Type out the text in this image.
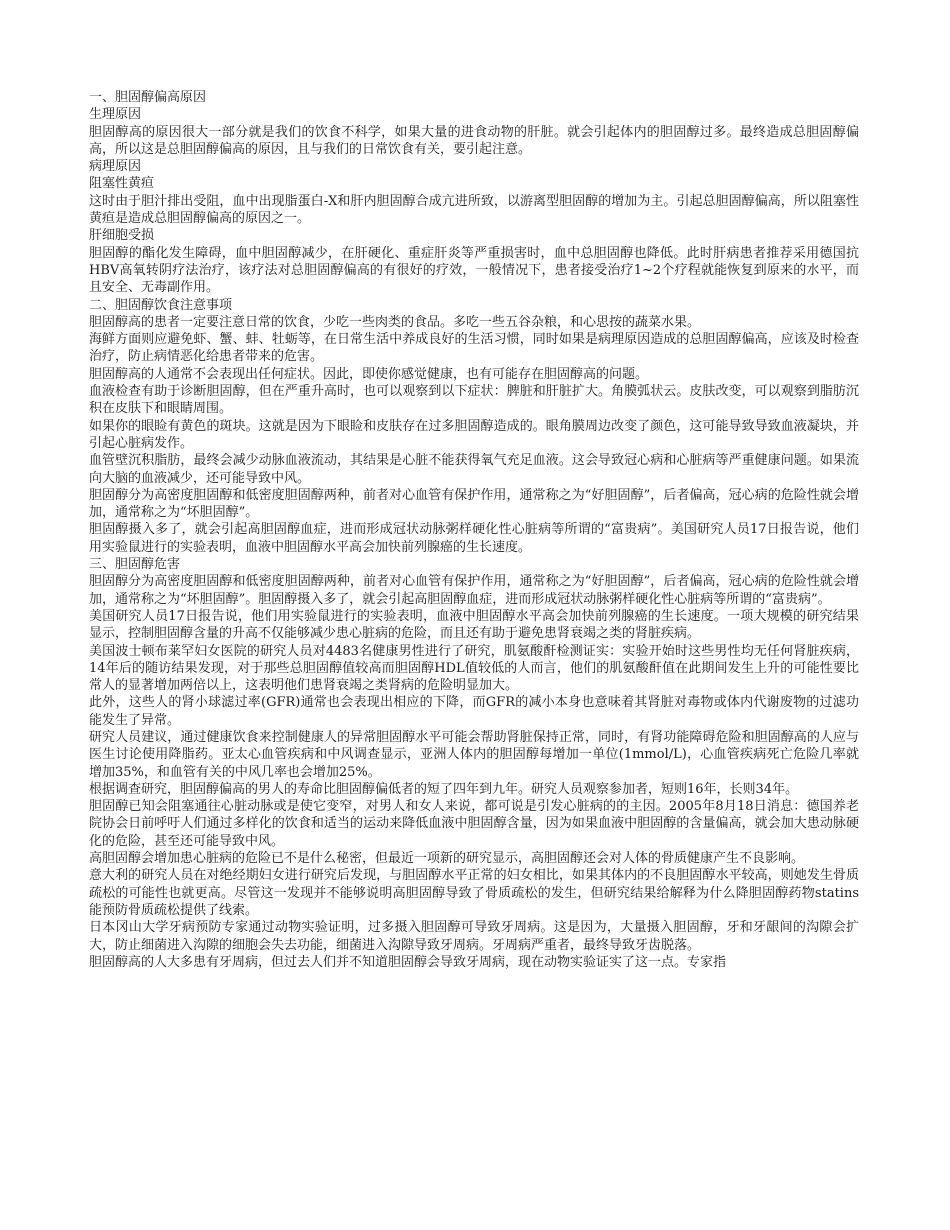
一、胆固醇偏高原因

生理原因

胆固醇高的原因很大一部分就是我们的饮食不科学，如果大量的进食动物的肝脏。就会引起体内的胆固醇过多。最终造成总胆固醇偏高，所以这是总胆固醇偏高的原因，且与我们的日常饮食有关，要引起注意。

病理原因

阻塞性黄疸

这时由于胆汁排出受阻，血中出现脂蛋白-X和肝内胆固醇合成亢进所致，以游离型胆固醇的增加为主。引起总胆固醇偏高，所以阻塞性黄疸是造成总胆固醇偏高的原因之一。

肝细胞受损

胆固醇的酯化发生障碍，血中胆固醇减少，在肝硬化、重症肝炎等严重损害时，血中总胆固醇也降低。此时肝病患者推荐采用德国抗HBV高氧转阴疗法治疗，该疗法对总胆固醇偏高的有很好的疗效，一般情况下，患者接受治疗1~2个疗程就能恢复到原来的水平，而且安全、无毒副作用。

二、胆固醇饮食注意事项

胆固醇高的患者一定要注意日常的饮食，少吃一些肉类的食品。多吃一些五谷杂粮，和心思按的蔬菜水果。

海鲜方面则应避免虾、蟹、蚌、牡蛎等，在日常生活中养成良好的生活习惯，同时如果是病理原因造成的总胆固醇偏高，应该及时检查治疗，防止病情恶化给患者带来的危害。

胆固醇高的人通常不会表现出任何症状。因此，即使你感觉健康，也有可能存在胆固醇高的问题。

血液检查有助于诊断胆固醇，但在严重升高时，也可以观察到以下症状：脾脏和肝脏扩大。角膜弧状云。皮肤改变，可以观察到脂肪沉积在皮肤下和眼睛周围。

如果你的眼睑有黄色的斑块。这就是因为下眼睑和皮肤存在过多胆固醇造成的。眼角膜周边改变了颜色，这可能导致导致血液凝块，并引起心脏病发作。

血管壁沉积脂肪，最终会减少动脉血液流动，其结果是心脏不能获得氧气充足血液。这会导致冠心病和心脏病等严重健康问题。如果流向大脑的血液减少，还可能导致中风。

胆固醇分为高密度胆固醇和低密度胆固醇两种，前者对心血管有保护作用，通常称之为“好胆固醇”，后者偏高，冠心病的危险性就会增加，通常称之为“坏胆固醇”。

胆固醇摄入多了，就会引起高胆固醇血症，进而形成冠状动脉粥样硬化性心脏病等所谓的“富贵病”。美国研究人员17日报告说，他们用实验鼠进行的实验表明，血液中胆固醇水平高会加快前列腺癌的生长速度。

三、胆固醇危害

胆固醇分为高密度胆固醇和低密度胆固醇两种，前者对心血管有保护作用，通常称之为“好胆固醇”，后者偏高，冠心病的危险性就会增加，通常称之为“坏胆固醇”。胆固醇摄入多了，就会引起高胆固醇血症，进而形成冠状动脉粥样硬化性心脏病等所谓的“富贵病”。

美国研究人员17日报告说，他们用实验鼠进行的实验表明，血液中胆固醇水平高会加快前列腺癌的生长速度。一项大规模的研究结果显示，控制胆固醇含量的升高不仅能够减少患心脏病的危险，而且还有助于避免患肾衰竭之类的肾脏疾病。

美国波士顿布莱罕妇女医院的研究人员对4483名健康男性进行了研究，肌氨酸酐检测证实：实验开始时这些男性均无任何肾脏疾病，14年后的随访结果发现，对于那些总胆固醇值较高而胆固醇HDL值较低的人而言，他们的肌氨酸酐值在此期间发生上升的可能性要比常人的显著增加两倍以上，这表明他们患肾衰竭之类肾病的危险明显加大。

此外，这些人的肾小球滤过率(GFR)通常也会表现出相应的下降，而GFR的减小本身也意味着其肾脏对毒物或体内代谢废物的过滤功能发生了异常。

研究人员建议，通过健康饮食来控制健康人的异常胆固醇水平可能会帮助肾脏保持正常，同时，有肾功能障碍危险和胆固醇高的人应与医生讨论使用降脂药。亚太心血管疾病和中风调查显示，亚洲人体内的胆固醇每增加一单位(1mmol/L)，心血管疾病死亡危险几率就增加35%，和血管有关的中风几率也会增加25%。

根据调查研究，胆固醇偏高的男人的寿命比胆固醇偏低者的短了四年到九年。研究人员观察参加者，短则16年，长则34年。

胆固醇已知会阻塞通往心脏动脉或是使它变窄，对男人和女人来说，都可说是引发心脏病的的主因。2005年8月18日消息：德国养老院协会日前呼吁人们通过多样化的饮食和适当的运动来降低血液中胆固醇含量，因为如果血液中胆固醇的含量偏高，就会加大患动脉硬化的危险，甚至还可能导致中风。

高胆固醇会增加患心脏病的危险已不是什么秘密，但最近一项新的研究显示，高胆固醇还会对人体的骨质健康产生不良影响。

意大利的研究人员在对绝经期妇女进行研究后发现，与胆固醇水平正常的妇女相比，如果其体内的不良胆固醇水平较高，则她发生骨质疏松的可能性也就更高。尽管这一发现并不能够说明高胆固醇导致了骨质疏松的发生，但研究结果给解释为什么降胆固醇药物statins能预防骨质疏松提供了线索。

日本冈山大学牙病预防专家通过动物实验证明，过多摄入胆固醇可导致牙周病。这是因为，大量摄入胆固醇，牙和牙龈间的沟隙会扩大，防止细菌进入沟隙的细胞会失去功能，细菌进入沟隙导致牙周病。牙周病严重者，最终导致牙齿脱落。

胆固醇高的人大多患有牙周病，但过去人们并不知道胆固醇会导致牙周病，现在动物实验证实了这一点。专家指
